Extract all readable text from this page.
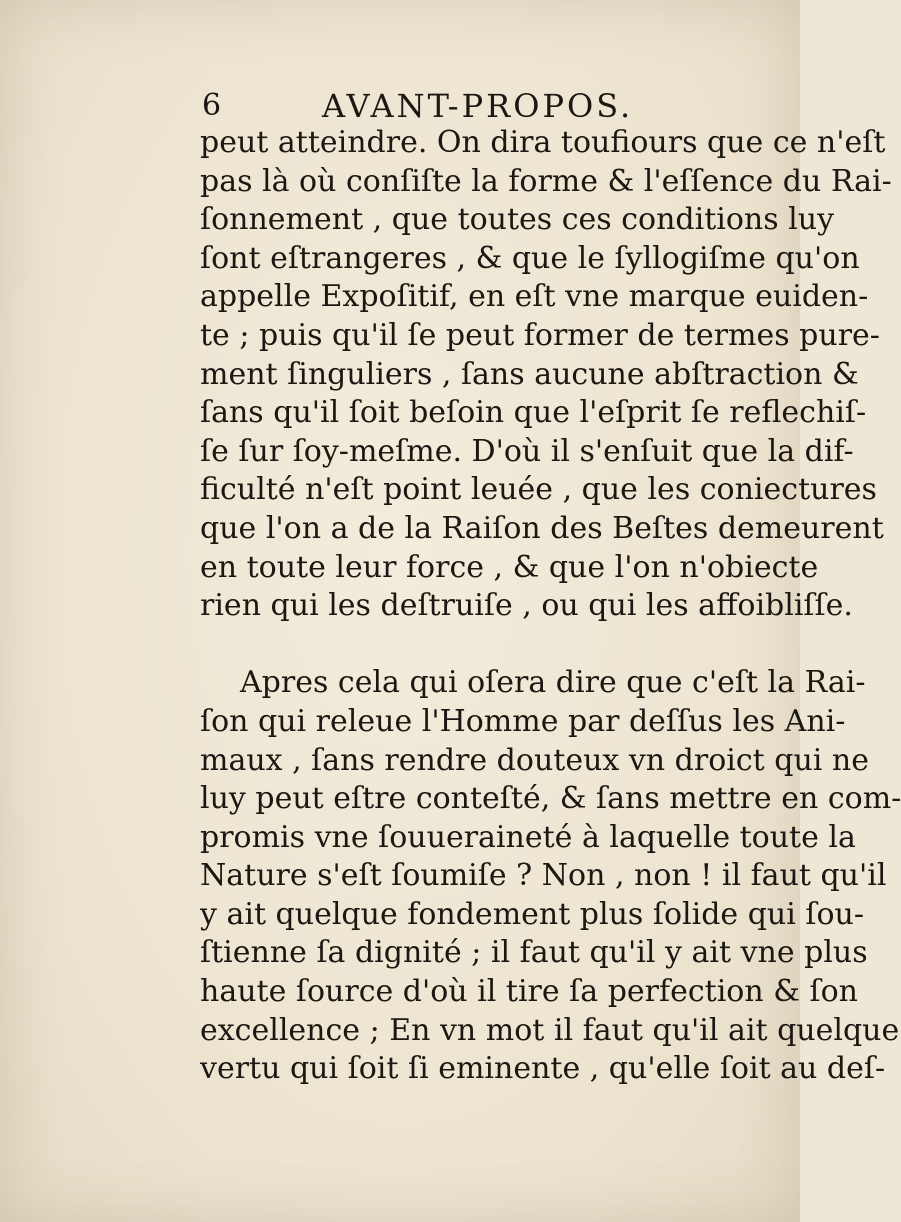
6	AVANT-PROPOS.
peut atteindre. On dira toufiours que ce n'eſt
pas là où conſiſte la forme & l'eſſence du Rai-
ſonnement , que toutes ces conditions luy
ſont eſtrangeres , & que le ſyllogiſme qu'on
appelle Expoſitif, en eſt vne marque euiden-
te ; puis qu'il ſe peut former de termes pure-
ment ſinguliers , ſans aucune abſtraction &
ſans qu'il ſoit beſoin que l'eſprit ſe reflechiſ-
ſe ſur ſoy-meſme. D'où il s'enſuit que la dif-
ficulté n'eſt point leuée , que les coniectures
que l'on a de la Raiſon des Beſtes demeurent
en toute leur force , & que l'on n'obiecte
rien qui les deſtruiſe , ou qui les affoibliſſe.
Apres cela qui oſera dire que c'eſt la Rai-
ſon qui releue l'Homme par deſſus les Ani-
maux , ſans rendre douteux vn droict qui ne
luy peut eſtre conteſté, & ſans mettre en com-
promis vne ſouueraineté à laquelle toute la
Nature s'eſt ſoumiſe ? Non , non ! il faut qu'il
y ait quelque fondement plus ſolide qui ſou-
ſtienne ſa dignité ; il faut qu'il y ait vne plus
haute ſource d'où il tire ſa perfection & ſon
excellence ; En vn mot il faut qu'il ait quelque
vertu qui ſoit ſi eminente , qu'elle ſoit au deſ-
